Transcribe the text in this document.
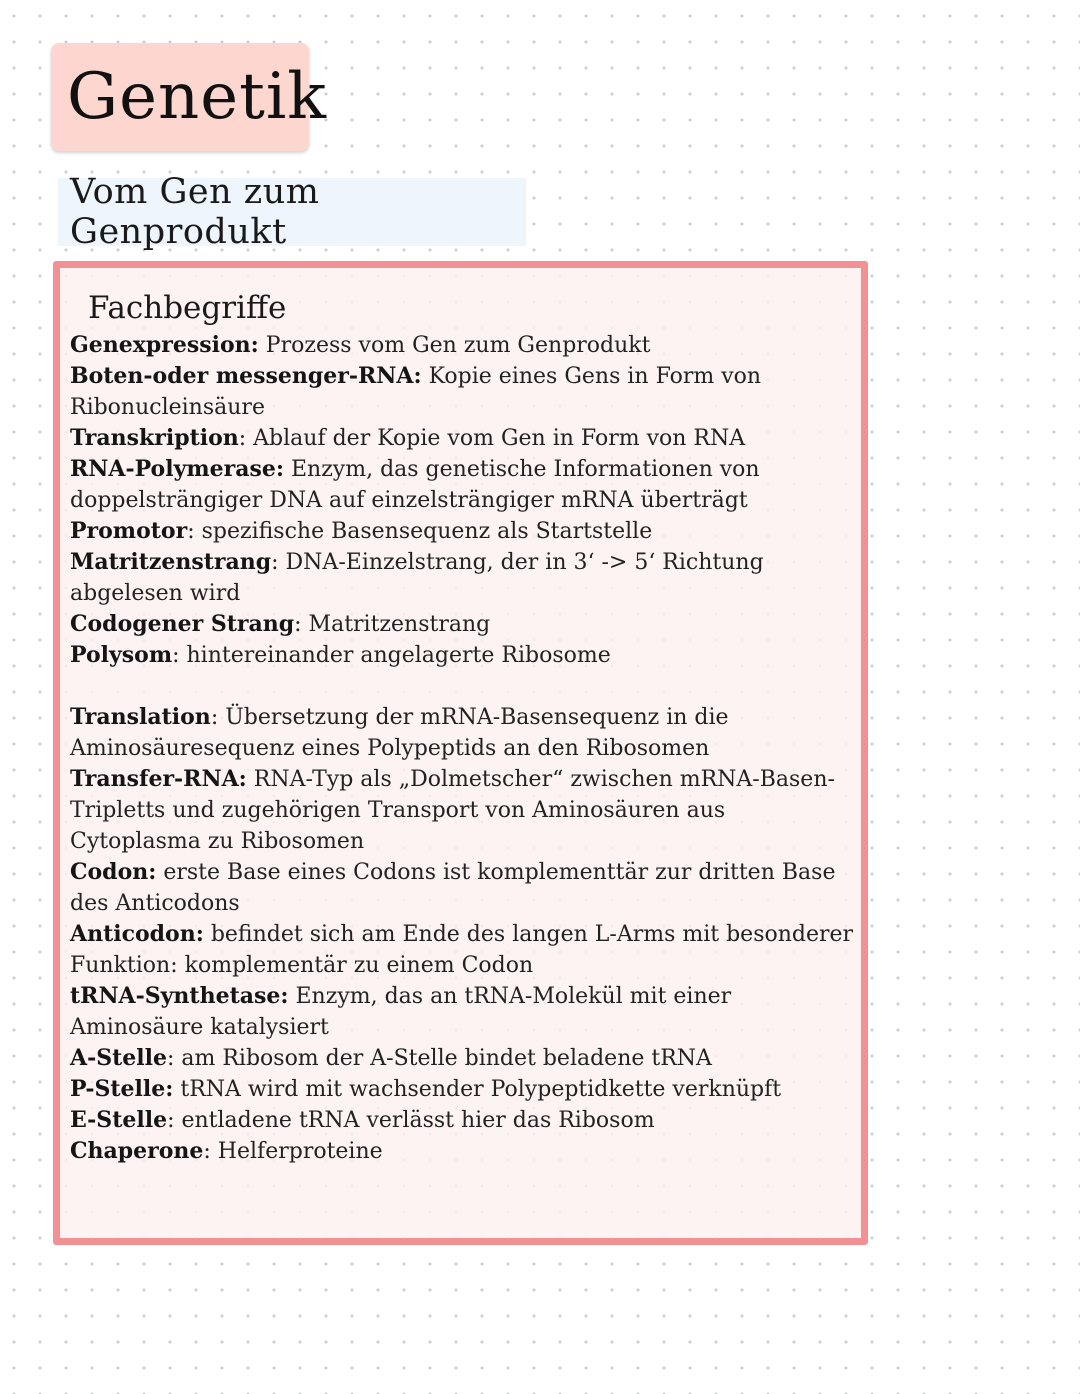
Genetik
Vom Gen zum Genprodukt
Fachbegriffe

Genexpression: Prozess vom Gen zum Genprodukt

Boten-oder messenger-RNA: Kopie eines Gens in Form von Ribonucleinsäure

Transkription: Ablauf der Kopie vom Gen in Form von RNA

RNA-Polymerase: Enzym, das genetische Informationen von doppelsträngiger DNA auf einzelsträngiger mRNA überträgt

Promotor: spezifische Basensequenz als Startstelle

Matritzenstrang: DNA-Einzelstrang, der in 3‘ -> 5‘ Richtung abgelesen wird

Codogener Strang: Matritzenstrang

Polysom: hintereinander angelagerte Ribosome

Translation: Übersetzung der mRNA-Basensequenz in die Aminosäuresequenz eines Polypeptids an den Ribosomen

Transfer-RNA: RNA-Typ als „Dolmetscher“ zwischen mRNA-Basen-Tripletts und zugehörigen Transport von Aminosäuren aus Cytoplasma zu Ribosomen

Codon: erste Base eines Codons ist komplementtär zur dritten Base des Anticodons

Anticodon: befindet sich am Ende des langen L-Arms mit besonderer Funktion: komplementär zu einem Codon

tRNA-Synthetase: Enzym, das an tRNA-Molekül mit einer Aminosäure katalysiert

A-Stelle: am Ribosom der A-Stelle bindet beladene tRNA

P-Stelle: tRNA wird mit wachsender Polypeptidkette verknüpft

E-Stelle: entladene tRNA verlässt hier das Ribosom

Chaperone: Helferproteine
